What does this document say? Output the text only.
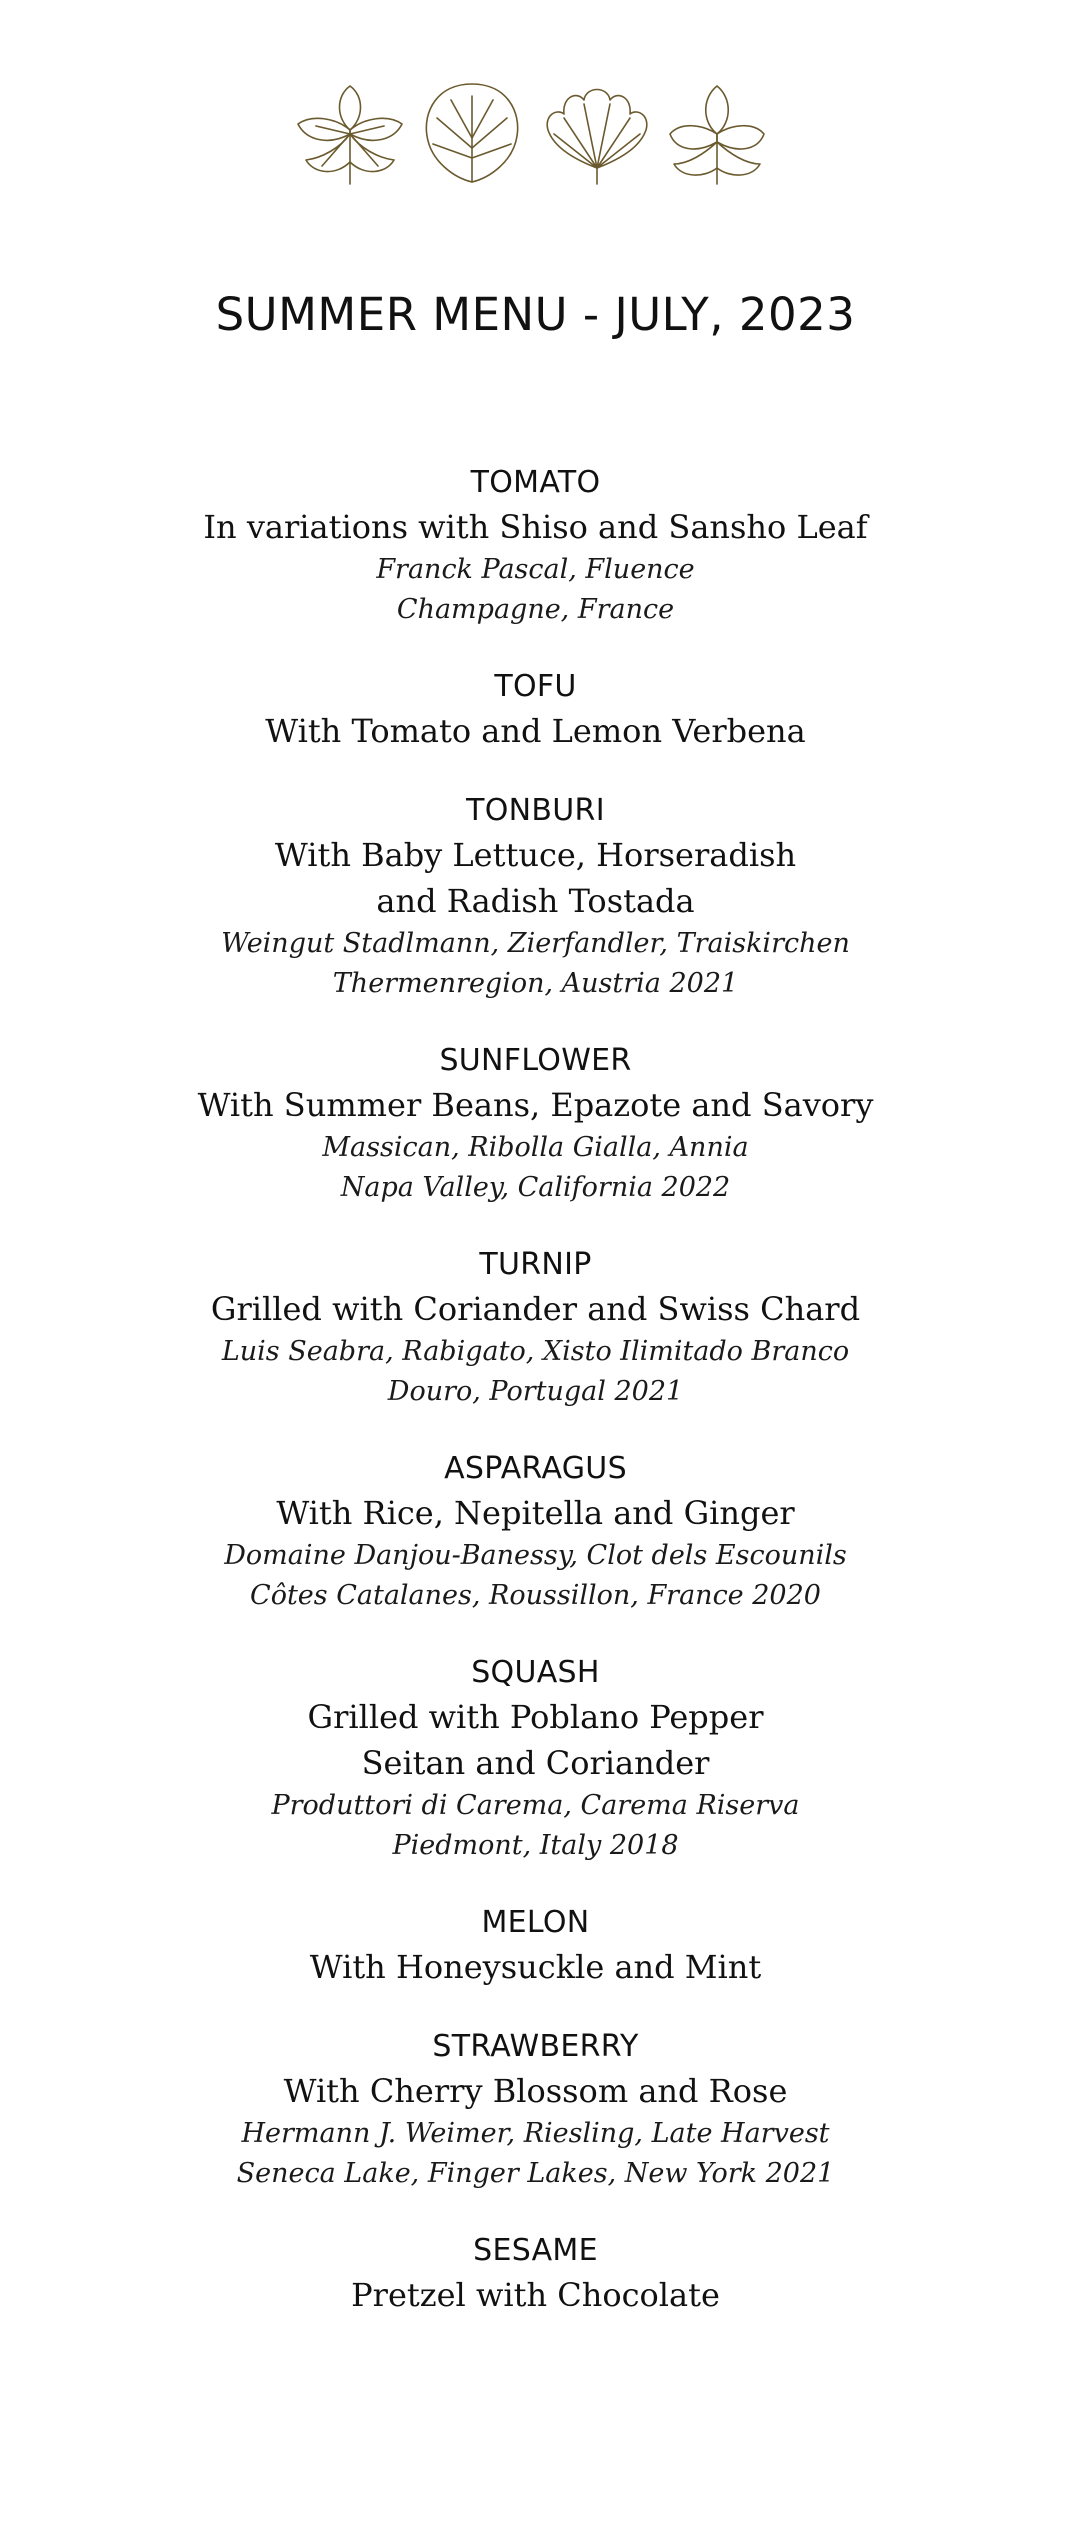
SUMMER MENU - JULY, 2023
TOMATO
In variations with Shiso and Sansho Leaf
Franck Pascal, Fluence
Champagne, France
TOFU
With Tomato and Lemon Verbena
TONBURI
With Baby Lettuce, Horseradish
and Radish Tostada
Weingut Stadlmann, Zierfandler, Traiskirchen
Thermenregion, Austria 2021
SUNFLOWER
With Summer Beans, Epazote and Savory
Massican, Ribolla Gialla, Annia
Napa Valley, California 2022
TURNIP
Grilled with Coriander and Swiss Chard
Luis Seabra, Rabigato, Xisto Ilimitado Branco
Douro, Portugal 2021
ASPARAGUS
With Rice, Nepitella and Ginger
Domaine Danjou-Banessy, Clot dels Escounils
Côtes Catalanes, Roussillon, France 2020
SQUASH
Grilled with Poblano Pepper
Seitan and Coriander
Produttori di Carema, Carema Riserva
Piedmont, Italy 2018
MELON
With Honeysuckle and Mint
STRAWBERRY
With Cherry Blossom and Rose
Hermann J. Weimer, Riesling, Late Harvest
Seneca Lake, Finger Lakes, New York 2021
SESAME
Pretzel with Chocolate
